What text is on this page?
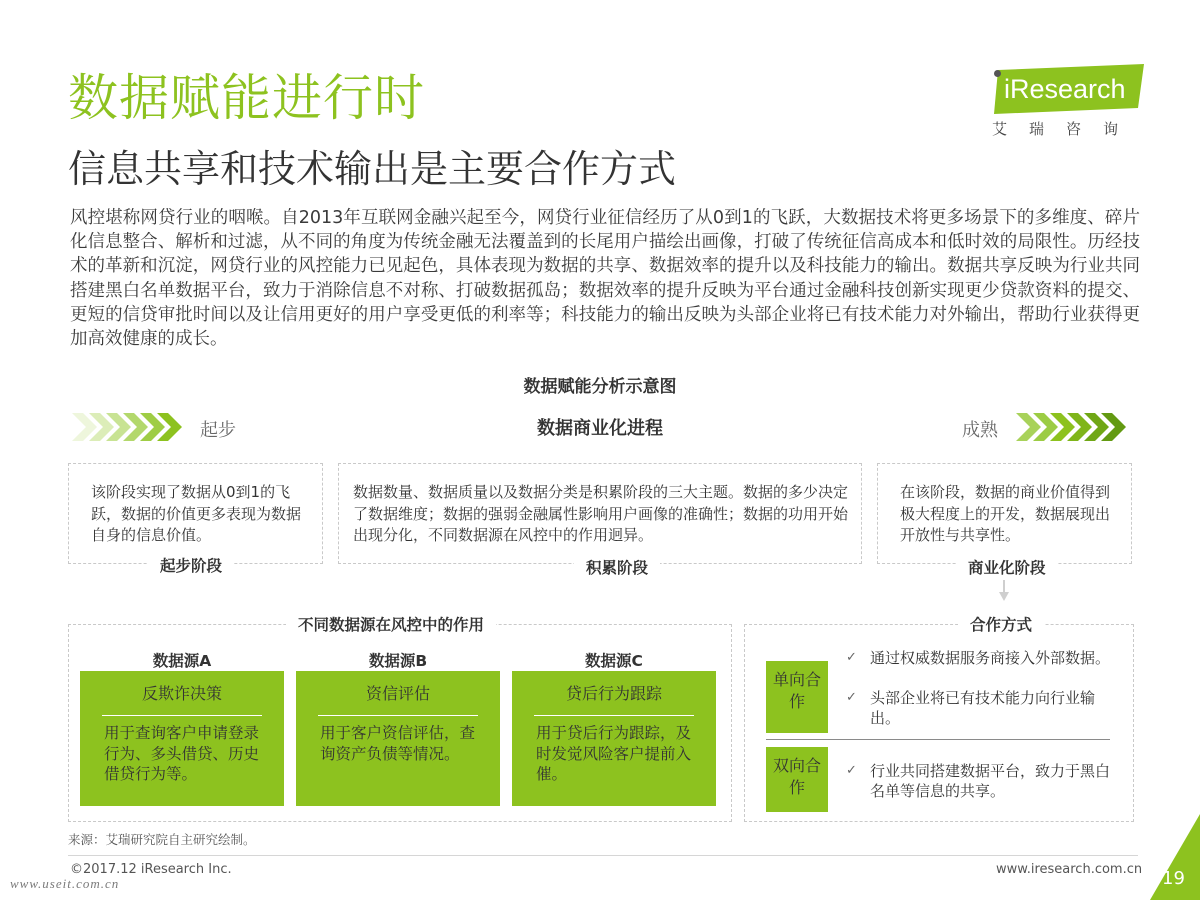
数据赋能进行时
信息共享和技术输出是主要合作方式
iResearch
艾瑞咨询
风控堪称网贷行业的咽喉。自2013年互联网金融兴起至今，网贷行业征信经历了从0到1的飞跃，大数据技术将更多场景下的多维度、碎片化信息整合、解析和过滤，从不同的角度为传统金融无法覆盖到的长尾用户描绘出画像，打破了传统征信高成本和低时效的局限性。历经技术的革新和沉淀，网贷行业的风控能力已见起色，具体表现为数据的共享、数据效率的提升以及科技能力的输出。数据共享反映为行业共同搭建黑白名单数据平台，致力于消除信息不对称、打破数据孤岛；数据效率的提升反映为平台通过金融科技创新实现更少贷款资料的提交、更短的信贷审批时间以及让信用更好的用户享受更低的利率等；科技能力的输出反映为头部企业将已有技术能力对外输出，帮助行业获得更加高效健康的成长。
数据赋能分析示意图
起步	数据商业化进程	成熟
该阶段实现了数据从0到1的飞跃，数据的价值更多表现为数据自身的信息价值。
起步阶段
数据数量、数据质量以及数据分类是积累阶段的三大主题。数据的多少决定了数据维度；数据的强弱金融属性影响用户画像的准确性；数据的功用开始出现分化，不同数据源在风控中的作用迥异。
积累阶段
在该阶段，数据的商业价值得到极大程度上的开发，数据展现出开放性与共享性。
商业化阶段
不同数据源在风控中的作用
数据源A
反欺诈决策
用于查询客户申请登录行为、多头借贷、历史借贷行为等。
数据源B
资信评估
用于客户资信评估，查询资产负债等情况。
数据源C
贷后行为跟踪
用于贷后行为跟踪，及时发觉风险客户提前入催。
合作方式
单向合作
✓ 通过权威数据服务商接入外部数据。
✓ 头部企业将已有技术能力向行业输出。
双向合作
✓ 行业共同搭建数据平台，致力于黑白名单等信息的共享。
来源：艾瑞研究院自主研究绘制。
©2017.12 iResearch Inc.	www.iresearch.com.cn
www.useit.com.cn	19
